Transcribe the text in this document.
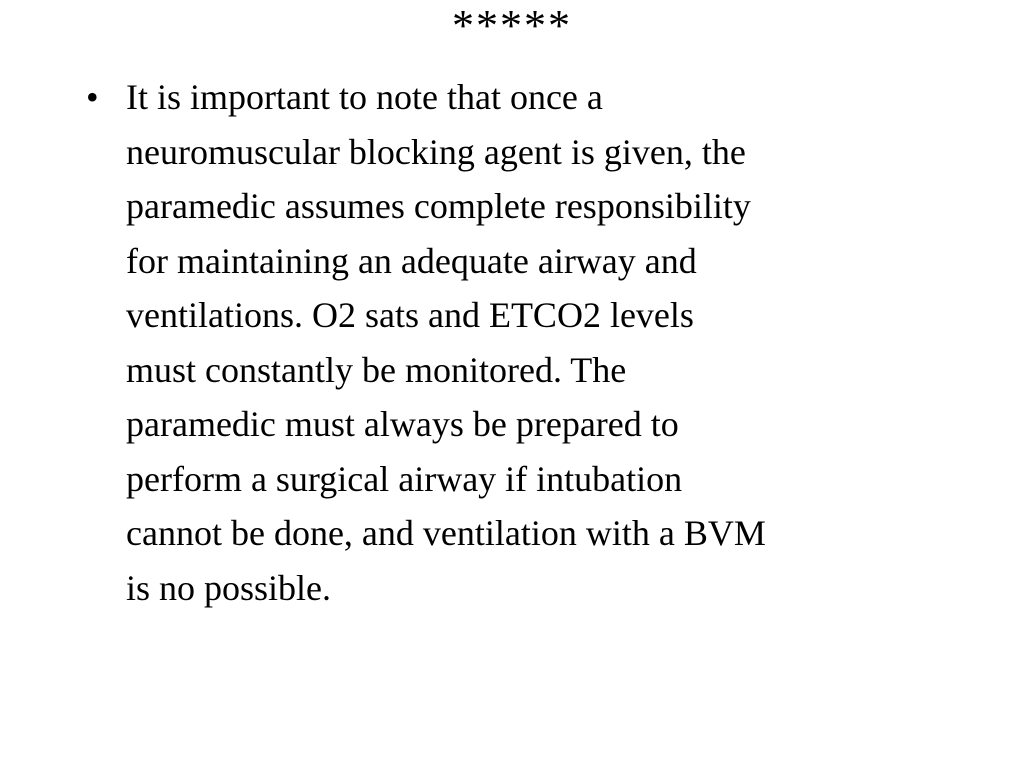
*****
• It is important to note that once a
neuromuscular blocking agent is given, the
paramedic assumes complete responsibility
for maintaining an adequate airway and
ventilations. O2 sats and ETCO2 levels
must constantly be monitored. The
paramedic must always be prepared to
perform a surgical airway if intubation
cannot be done, and ventilation with a BVM
is no possible.
